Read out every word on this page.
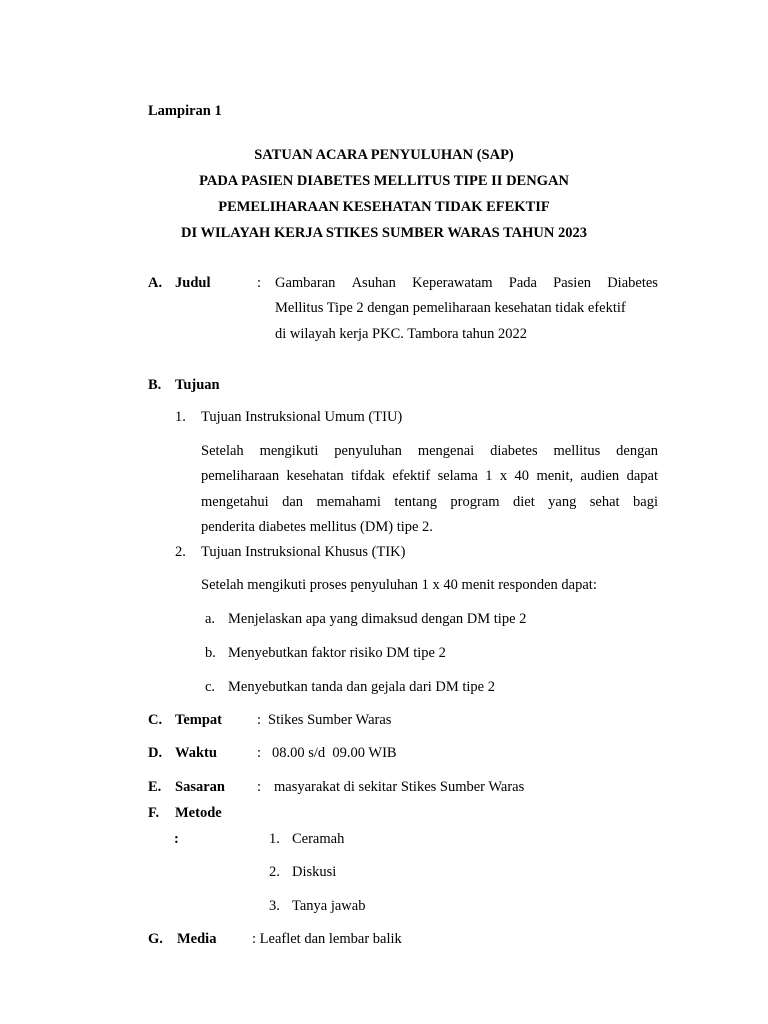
Lampiran 1
SATUAN ACARA PENYULUHAN (SAP)
PADA PASIEN DIABETES MELLITUS TIPE II DENGAN
PEMELIHARAAN KESEHATAN TIDAK EFEKTIF
DI WILAYAH KERJA STIKES SUMBER WARAS TAHUN 2023
A. Judul	: Gambaran Asuhan Keperawatam Pada Pasien Diabetes
Mellitus Tipe 2 dengan pemeliharaan kesehatan tidak efektif
di wilayah kerja PKC. Tambora tahun 2022
B. Tujuan
1. Tujuan Instruksional Umum (TIU)
Setelah mengikuti penyuluhan mengenai diabetes mellitus dengan
pemeliharaan kesehatan tifdak efektif selama 1 x 40 menit, audien dapat
mengetahui dan memahami tentang program diet yang sehat bagi
penderita diabetes mellitus (DM) tipe 2.
2. Tujuan Instruksional Khusus (TIK)
Setelah mengikuti proses penyuluhan 1 x 40 menit responden dapat:
a. Menjelaskan apa yang dimaksud dengan DM tipe 2
b. Menyebutkan faktor risiko DM tipe 2
c. Menyebutkan tanda dan gejala dari DM tipe 2
C. Tempat : Stikes Sumber Waras
D. Waktu	: 08.00 s/d  09.00 WIB
E. Sasaran : masyarakat di sekitar Stikes Sumber Waras
F. Metode
:	1. Ceramah
2. Diskusi
3. Tanya jawab
G. Media : Leaflet dan lembar balik
